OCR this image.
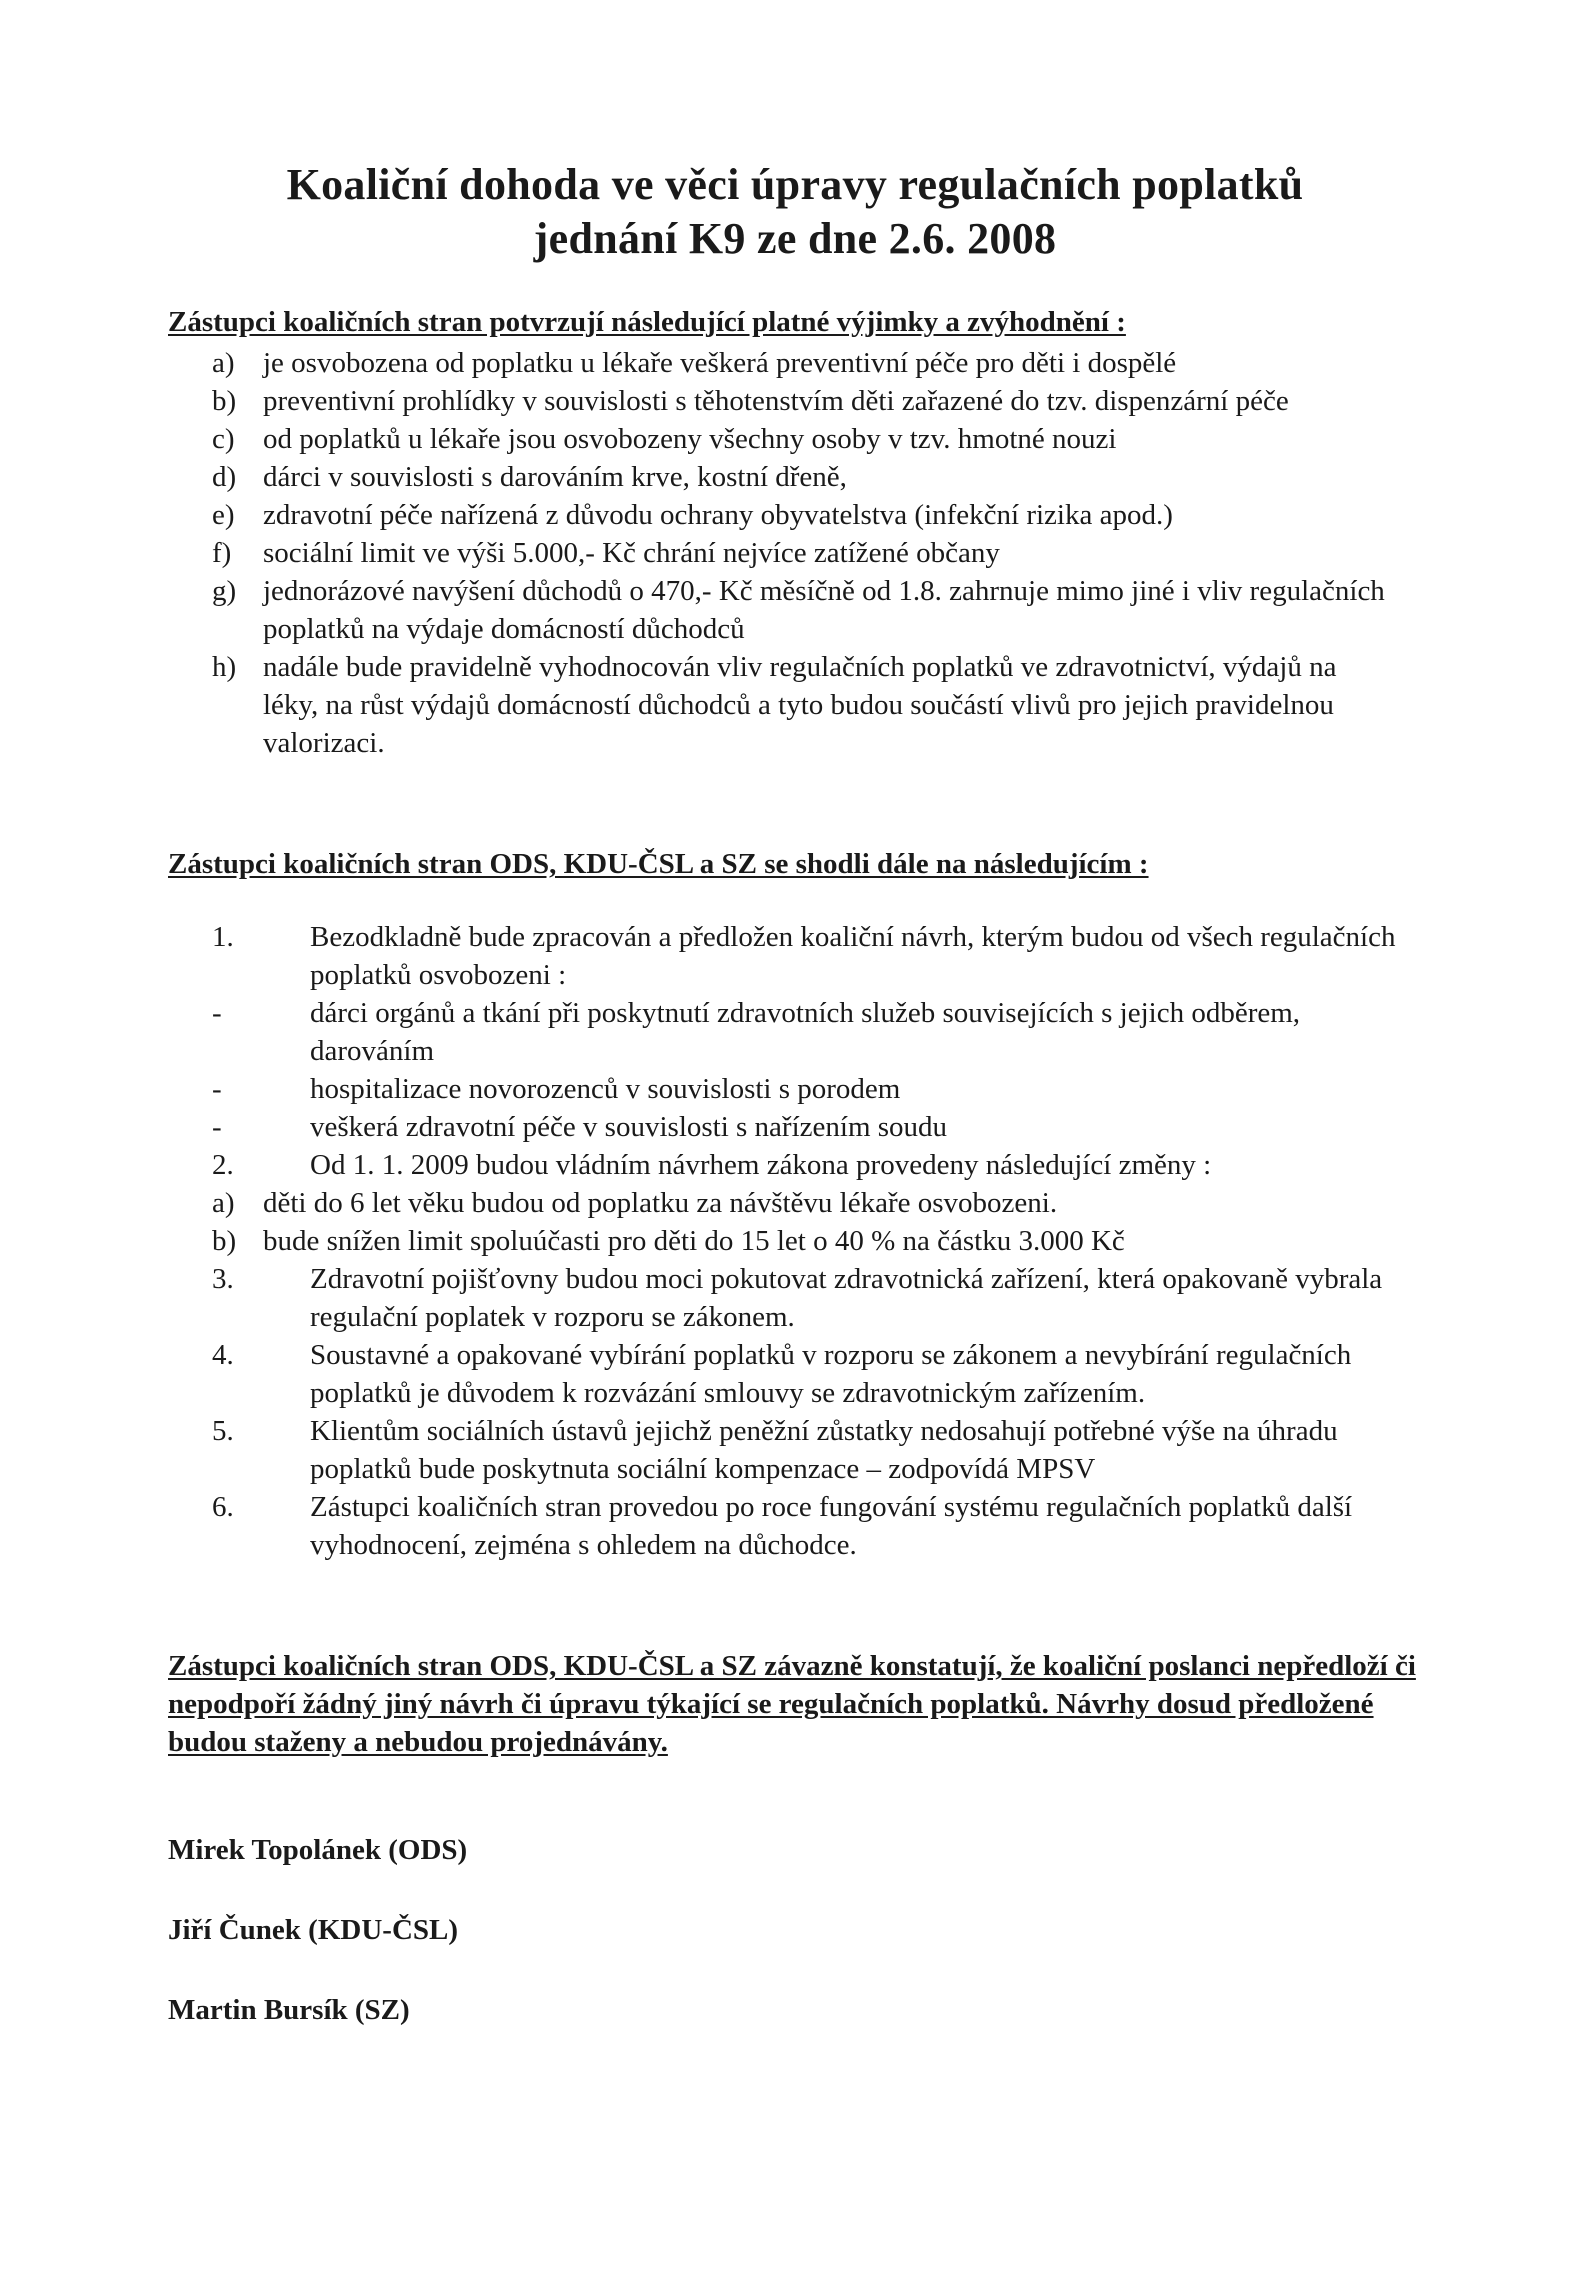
Koaliční dohoda ve věci úpravy regulačních poplatků
jednání K9 ze dne 2.6. 2008
Zástupci koaličních stran potvrzují následující platné výjimky a zvýhodnění :
a) je osvobozena od poplatku u lékaře veškerá preventivní péče pro děti i dospělé
b) preventivní prohlídky v souvislosti s těhotenstvím děti zařazené do tzv. dispenzární péče
c) od poplatků u lékaře jsou osvobozeny všechny osoby v tzv. hmotné nouzi
d) dárci v souvislosti s darováním krve, kostní dřeně,
e) zdravotní péče nařízená z důvodu ochrany obyvatelstva (infekční rizika apod.)
f)	sociální limit ve výši 5.000,- Kč chrání nejvíce zatížené občany
g) jednorázové navýšení důchodů o 470,- Kč měsíčně od 1.8. zahrnuje mimo jiné i vliv regulačních poplatků na výdaje domácností důchodců
h) nadále bude pravidelně vyhodnocován vliv regulačních poplatků ve zdravotnictví, výdajů na léky, na růst výdajů domácností důchodců a tyto budou součástí vlivů pro jejich pravidelnou valorizaci.
Zástupci koaličních stran ODS, KDU-ČSL a SZ se shodli dále na následujícím :
1.	Bezodkladně bude zpracován a předložen koaliční návrh, kterým budou od všech regulačních poplatků osvobozeni :
-	dárci orgánů a tkání při poskytnutí zdravotních služeb souvisejících s jejich odběrem, darováním
-	hospitalizace novorozenců v souvislosti s porodem
-	veškerá zdravotní péče v souvislosti s nařízením soudu
2.	Od 1. 1. 2009 budou vládním návrhem zákona provedeny následující změny :
a) děti do 6 let věku budou od poplatku za návštěvu lékaře osvobozeni.
b) bude snížen limit spoluúčasti pro děti do 15 let o 40 % na částku 3.000 Kč
3.	Zdravotní pojišťovny budou moci pokutovat zdravotnická zařízení, která opakovaně vybrala regulační poplatek v rozporu se zákonem.
4.	Soustavné a opakované vybírání poplatků v rozporu se zákonem a nevybírání regulačních poplatků je důvodem k rozvázání smlouvy se zdravotnickým zařízením.
5.	Klientům sociálních ústavů jejichž peněžní zůstatky nedosahují potřebné výše na úhradu poplatků bude poskytnuta sociální kompenzace – zodpovídá MPSV
6.	Zástupci koaličních stran provedou po roce fungování systému regulačních poplatků další vyhodnocení, zejména s ohledem na důchodce.
Zástupci koaličních stran ODS, KDU-ČSL a SZ závazně konstatují, že koaliční poslanci nepředloží či nepodpoří žádný jiný návrh či úpravu týkající se regulačních poplatků. Návrhy dosud předložené budou staženy a nebudou projednávány.
Mirek Topolánek (ODS)
Jiří Čunek (KDU-ČSL)
Martin Bursík (SZ)
